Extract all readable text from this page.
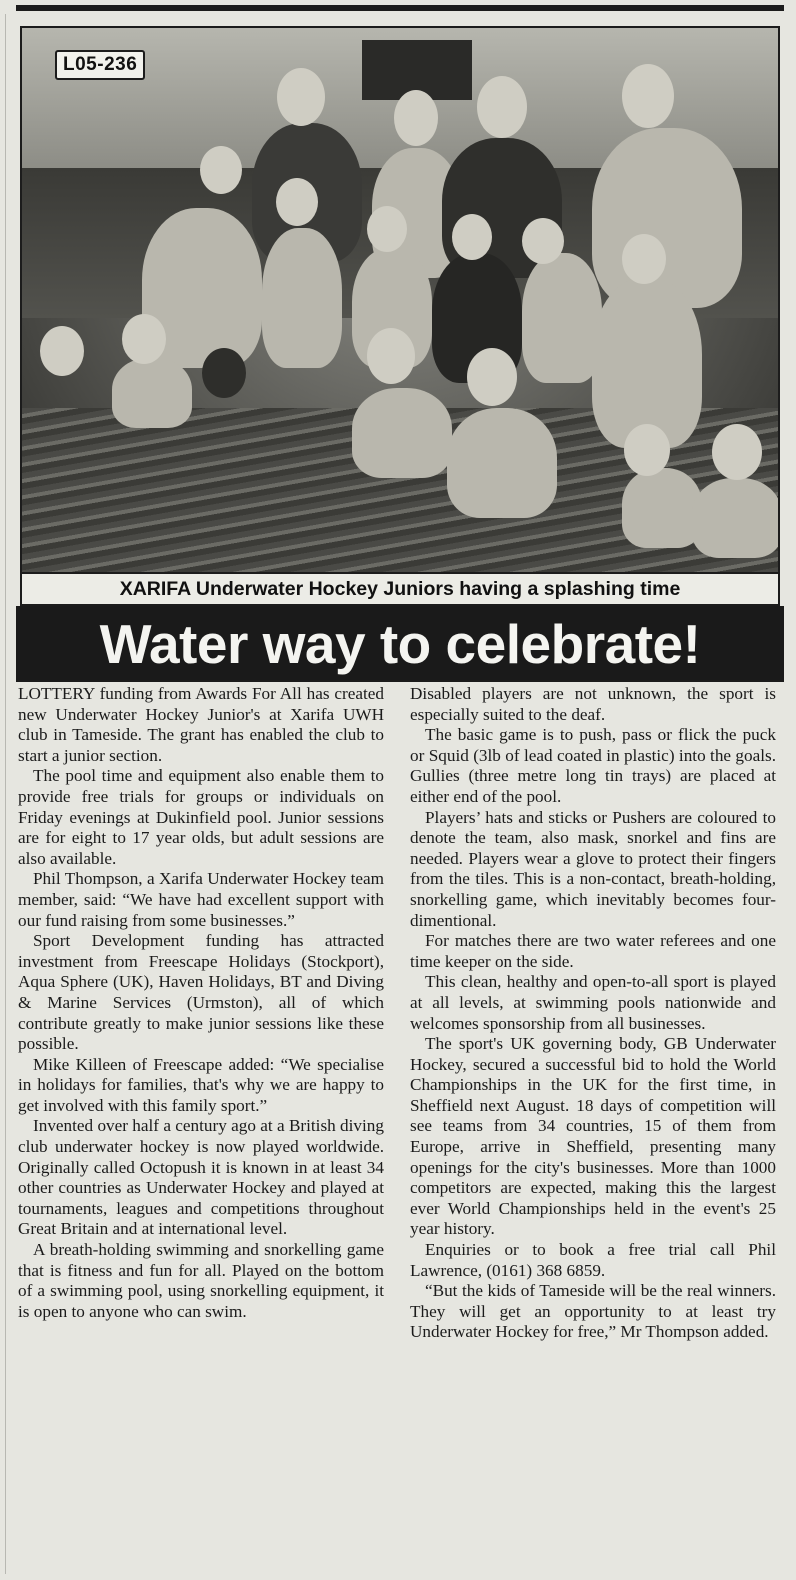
L05-236
XARIFA Underwater Hockey Juniors having a splashing time
Water way to celebrate!

LOTTERY funding from Awards For All has created new Underwater Hockey Junior's at Xarifa UWH club in Tameside. The grant has enabled the club to start a junior section.

The pool time and equipment also enable them to provide free trials for groups or individuals on Friday evenings at Dukinfield pool. Junior sessions are for eight to 17 year olds, but adult sessions are also available.

Phil Thompson, a Xarifa Underwater Hockey team member, said: “We have had excellent support with our fund raising from some businesses.”

Sport Development funding has attracted investment from Freescape Holidays (Stockport), Aqua Sphere (UK), Haven Holidays, BT and Diving & Marine Services (Urmston), all of which contribute greatly to make junior sessions like these possible.

Mike Killeen of Freescape added: “We specialise in holidays for families, that's why we are happy to get involved with this family sport.”

Invented over half a century ago at a British diving club underwater hockey is now played worldwide. Originally called Octopush it is known in at least 34 other countries as Underwater Hockey and played at tournaments, leagues and competitions throughout Great Britain and at international level.

A breath-holding swimming and snorkelling game that is fitness and fun for all. Played on the bottom of a swimming pool, using snorkelling equipment, it is open to anyone who can swim.

Disabled players are not unknown, the sport is especially suited to the deaf.

The basic game is to push, pass or flick the puck or Squid (3lb of lead coated in plastic) into the goals. Gullies (three metre long tin trays) are placed at either end of the pool.

Players’ hats and sticks or Pushers are coloured to denote the team, also mask, snorkel and fins are needed. Players wear a glove to protect their fingers from the tiles. This is a non-contact, breath-holding, snorkelling game, which inevitably becomes four-dimentional.

For matches there are two water referees and one time keeper on the side.

This clean, healthy and open-to-all sport is played at all levels, at swimming pools nationwide and welcomes sponsorship from all businesses.

The sport's UK governing body, GB Underwater Hockey, secured a successful bid to hold the World Championships in the UK for the first time, in Sheffield next August. 18 days of competition will see teams from 34 countries, 15 of them from Europe, arrive in Sheffield, presenting many openings for the city's businesses. More than 1000 competitors are expected, making this the largest ever World Championships held in the event's 25 year history.

Enquiries or to book a free trial call Phil Lawrence, (0161) 368 6859.

“But the kids of Tameside will be the real winners. They will get an opportunity to at least try Underwater Hockey for free,” Mr Thompson added.
